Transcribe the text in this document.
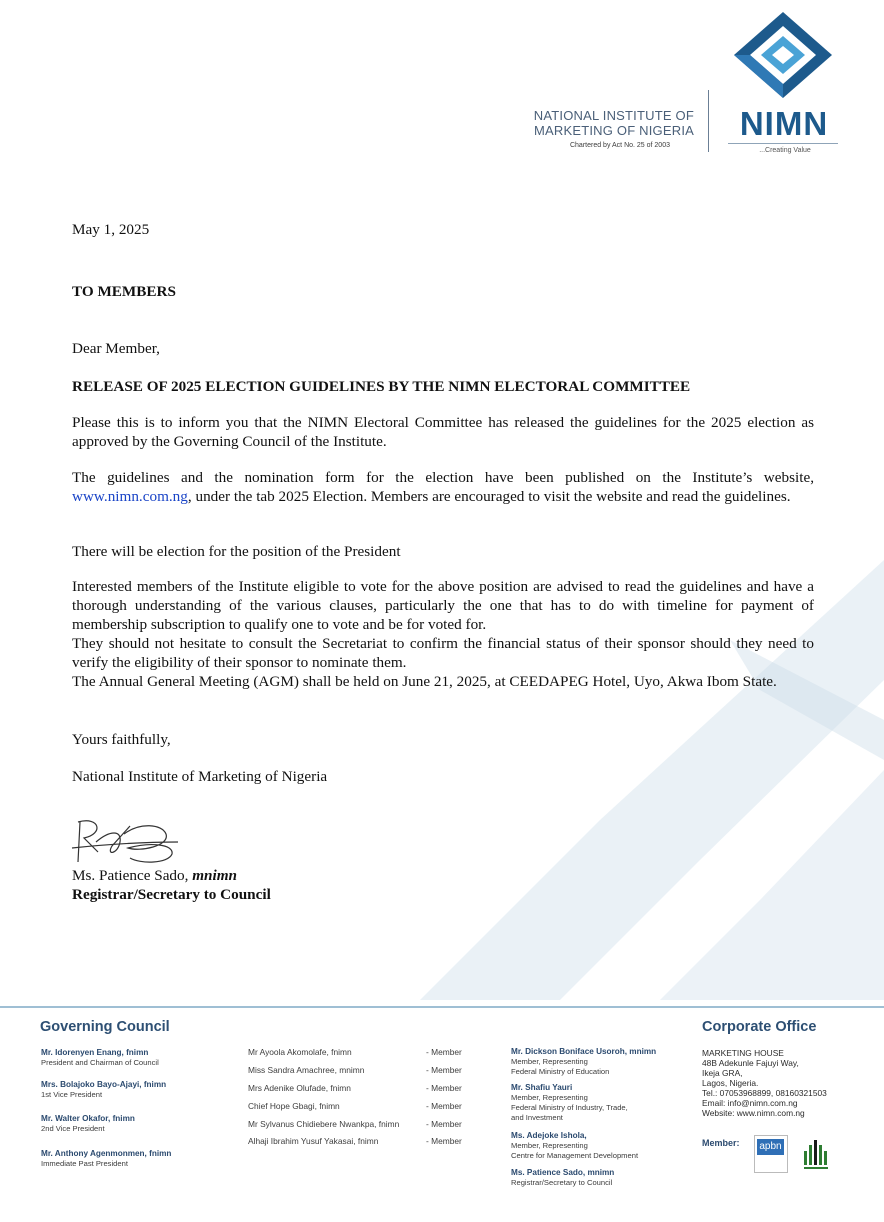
NATIONAL INSTITUTE OF
MARKETING OF NIGERIA
Chartered by Act No. 25 of 2003
NIMN
...Creating Value
May 1, 2025
TO MEMBERS
Dear Member,
RELEASE OF 2025 ELECTION GUIDELINES BY THE NIMN ELECTORAL COMMITTEE
Please this is to inform you that the NIMN Electoral Committee has released the guidelines for the 2025 election as approved by the Governing Council of the Institute.
The guidelines and the nomination form for the election have been published on the Institute’s website, www.nimn.com.ng, under the tab 2025 Election. Members are encouraged to visit the website and read the guidelines.
There will be election for the position of the President
Interested members of the Institute eligible to vote for the above position are advised to read the guidelines and have a thorough understanding of the various clauses, particularly the one that has to do with timeline for payment of membership subscription to qualify one to vote and be for voted for.
They should not hesitate to consult the Secretariat to confirm the financial status of their sponsor should they need to verify the eligibility of their sponsor to nominate them.
The Annual General Meeting (AGM) shall be held on June 21, 2025, at CEEDAPEG Hotel, Uyo, Akwa Ibom State.
Yours faithfully,
National Institute of Marketing of Nigeria
Ms. Patience Sado, mnimn
Registrar/Secretary to Council
Governing Council
Mr. Idorenyen Enang, fnimn
President and Chairman of Council
Mrs. Bolajoko Bayo-Ajayi, fnimn
1st Vice President
Mr. Walter Okafor, fnimn
2nd Vice President
Mr. Anthony Agenmonmen, fnimn
Immediate Past President
Mr Ayoola Akomolafe, fnimn	- Member
Miss Sandra Amachree, mnimn	- Member
Mrs Adenike Olufade, fnimn	- Member
Chief Hope Gbagi, fnimn	- Member
Mr Sylvanus Chidiebere Nwankpa, fnimn	- Member
Alhaji Ibrahim Yusuf Yakasai, fnimn	- Member
Mr. Dickson Boniface Usoroh, mnimn
Member, Representing
Federal Ministry of Education
Mr. Shafiu Yauri
Member, Representing
Federal Ministry of Industry, Trade,
and Investment
Ms. Adejoke Ishola,
Member, Representing
Centre for Management Development
Ms. Patience Sado, mnimn
Registrar/Secretary to Council
Corporate Office
MARKETING HOUSE
48B Adekunle Fajuyi Way,
Ikeja GRA,
Lagos, Nigeria.
Tel.: 07053968899, 08160321503
Email: info@nimn.com.ng
Website: www.nimn.com.ng
Member: apbn
